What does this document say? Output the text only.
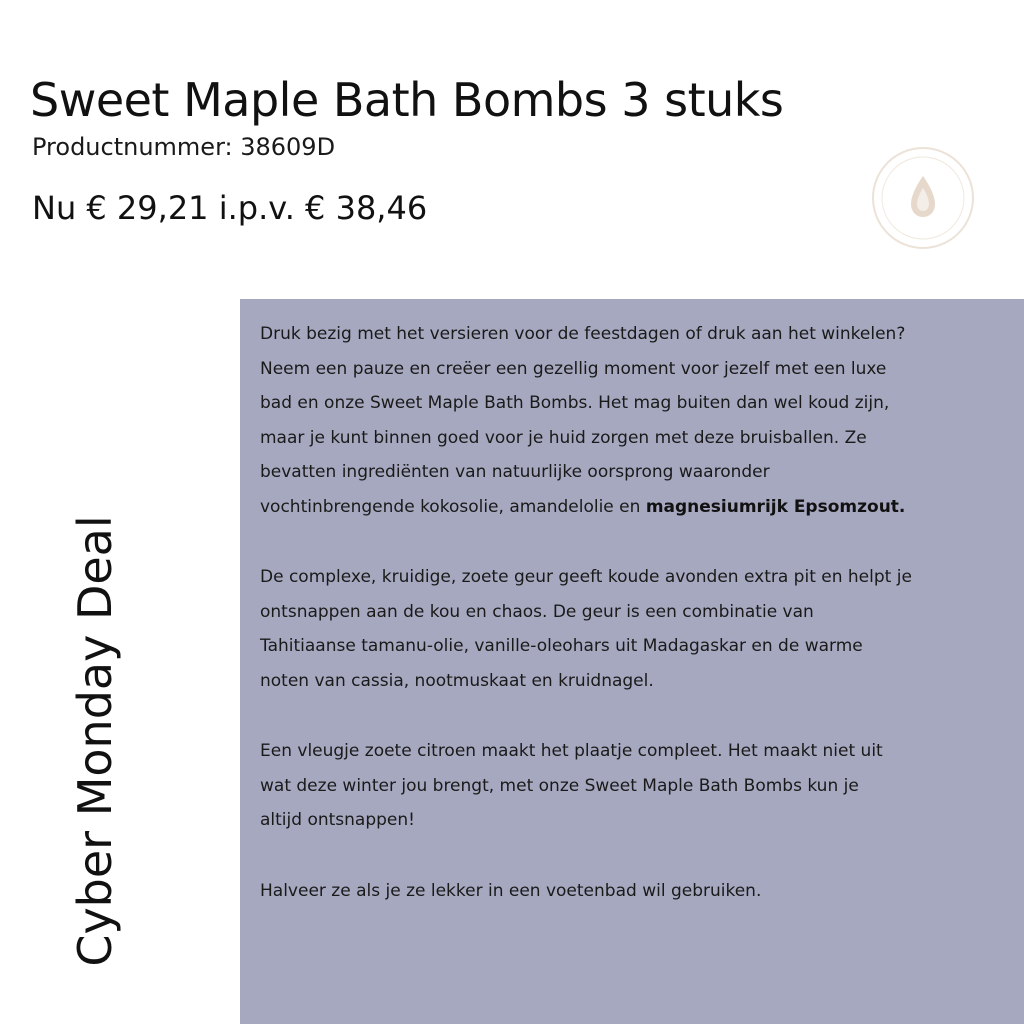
Sweet Maple Bath Bombs 3 stuks
Productnummer: 38609D
Nu € 29,21 i.p.v. € 38,46
Cyber Monday Deal

Druk bezig met het versieren voor de feestdagen of druk aan het winkelen?
Neem een pauze en creëer een gezellig moment voor jezelf met een luxe
bad en onze Sweet Maple Bath Bombs. Het mag buiten dan wel koud zijn,
maar je kunt binnen goed voor je huid zorgen met deze bruisballen. Ze
bevatten ingrediënten van natuurlijke oorsprong waaronder
vochtinbrengende kokosolie, amandelolie en magnesiumrijk Epsomzout.

De complexe, kruidige, zoete geur geeft koude avonden extra pit en helpt je
ontsnappen aan de kou en chaos. De geur is een combinatie van
Tahitiaanse tamanu-olie, vanille-oleohars uit Madagaskar en de warme
noten van cassia, nootmuskaat en kruidnagel.

Een vleugje zoete citroen maakt het plaatje compleet. Het maakt niet uit
wat deze winter jou brengt, met onze Sweet Maple Bath Bombs kun je
altijd ontsnappen!

Halveer ze als je ze lekker in een voetenbad wil gebruiken.
